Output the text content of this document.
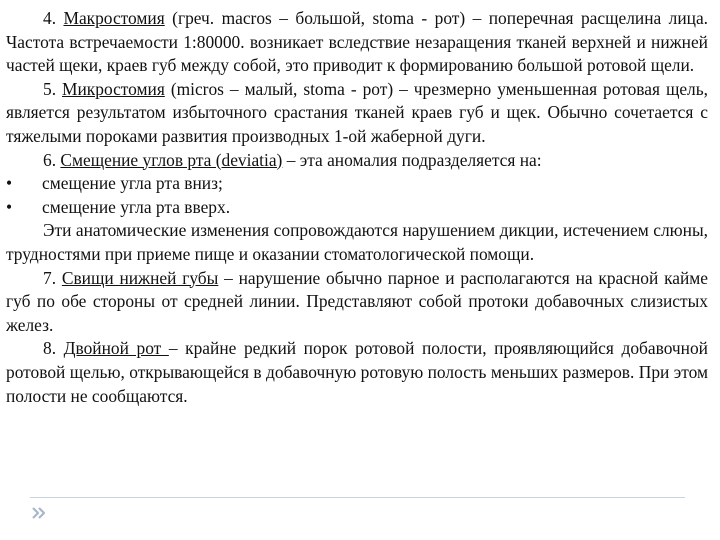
4. Макростомия (греч. macros – большой, stoma - рот) – поперечная расщелина лица. Частота встречаемости 1:80000. возникает вследствие незаращения тканей верхней и нижней частей щеки, краев губ между собой, это приводит к формированию большой ротовой щели.

5. Микростомия (micros – малый, stoma - рот) – чрезмерно уменьшенная ротовая щель, является результатом избыточного срастания тканей краев губ и щек. Обычно сочетается с тяжелыми пороками развития производных 1-ой жаберной дуги.

6. Смещение углов рта (deviatia) – эта аномалия подразделяется на:

•	смещение угла рта вниз;
•	смещение угла рта вверх.

Эти анатомические изменения сопровождаются нарушением дикции, истечением слюны, трудностями при приеме пище и оказании стоматологической помощи.

7. Свищи нижней губы – нарушение обычно парное и располагаются на красной кайме губ по обе стороны от средней линии. Представляют собой протоки добавочных слизистых желез.

8. Двойной рот – крайне редкий порок ротовой полости, проявляющийся добавочной ротовой щелью, открывающейся в добавочную ротовую полость меньших размеров. При этом полости не сообщаются.
